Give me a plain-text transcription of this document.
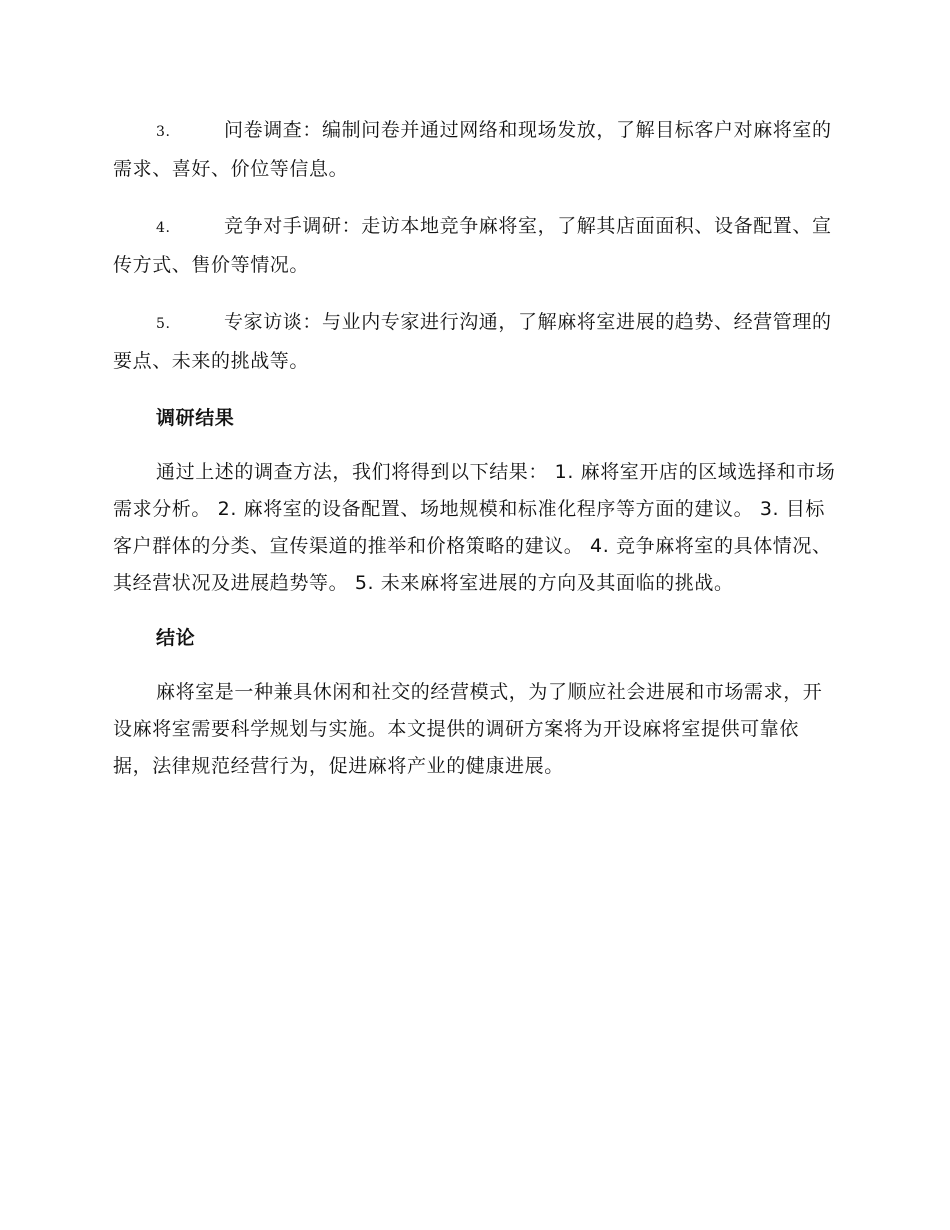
3.	问卷调查：编制问卷并通过网络和现场发放，了解目标客户对麻将室的需求、喜好、价位等信息。

4.	竞争对手调研：走访本地竞争麻将室，了解其店面面积、设备配置、宣传方式、售价等情况。

5.	专家访谈：与业内专家进行沟通，了解麻将室进展的趋势、经营管理的要点、未来的挑战等。

调研结果

通过上述的调查方法，我们将得到以下结果： 1. 麻将室开店的区域选择和市场需求分析。 2. 麻将室的设备配置、场地规模和标准化程序等方面的建议。 3. 目标客户群体的分类、宣传渠道的推举和价格策略的建议。 4. 竞争麻将室的具体情况、其经营状况及进展趋势等。 5. 未来麻将室进展的方向及其面临的挑战。

结论

麻将室是一种兼具休闲和社交的经营模式，为了顺应社会进展和市场需求，开设麻将室需要科学规划与实施。本文提供的调研方案将为开设麻将室提供可靠依据，法律规范经营行为，促进麻将产业的健康进展。
